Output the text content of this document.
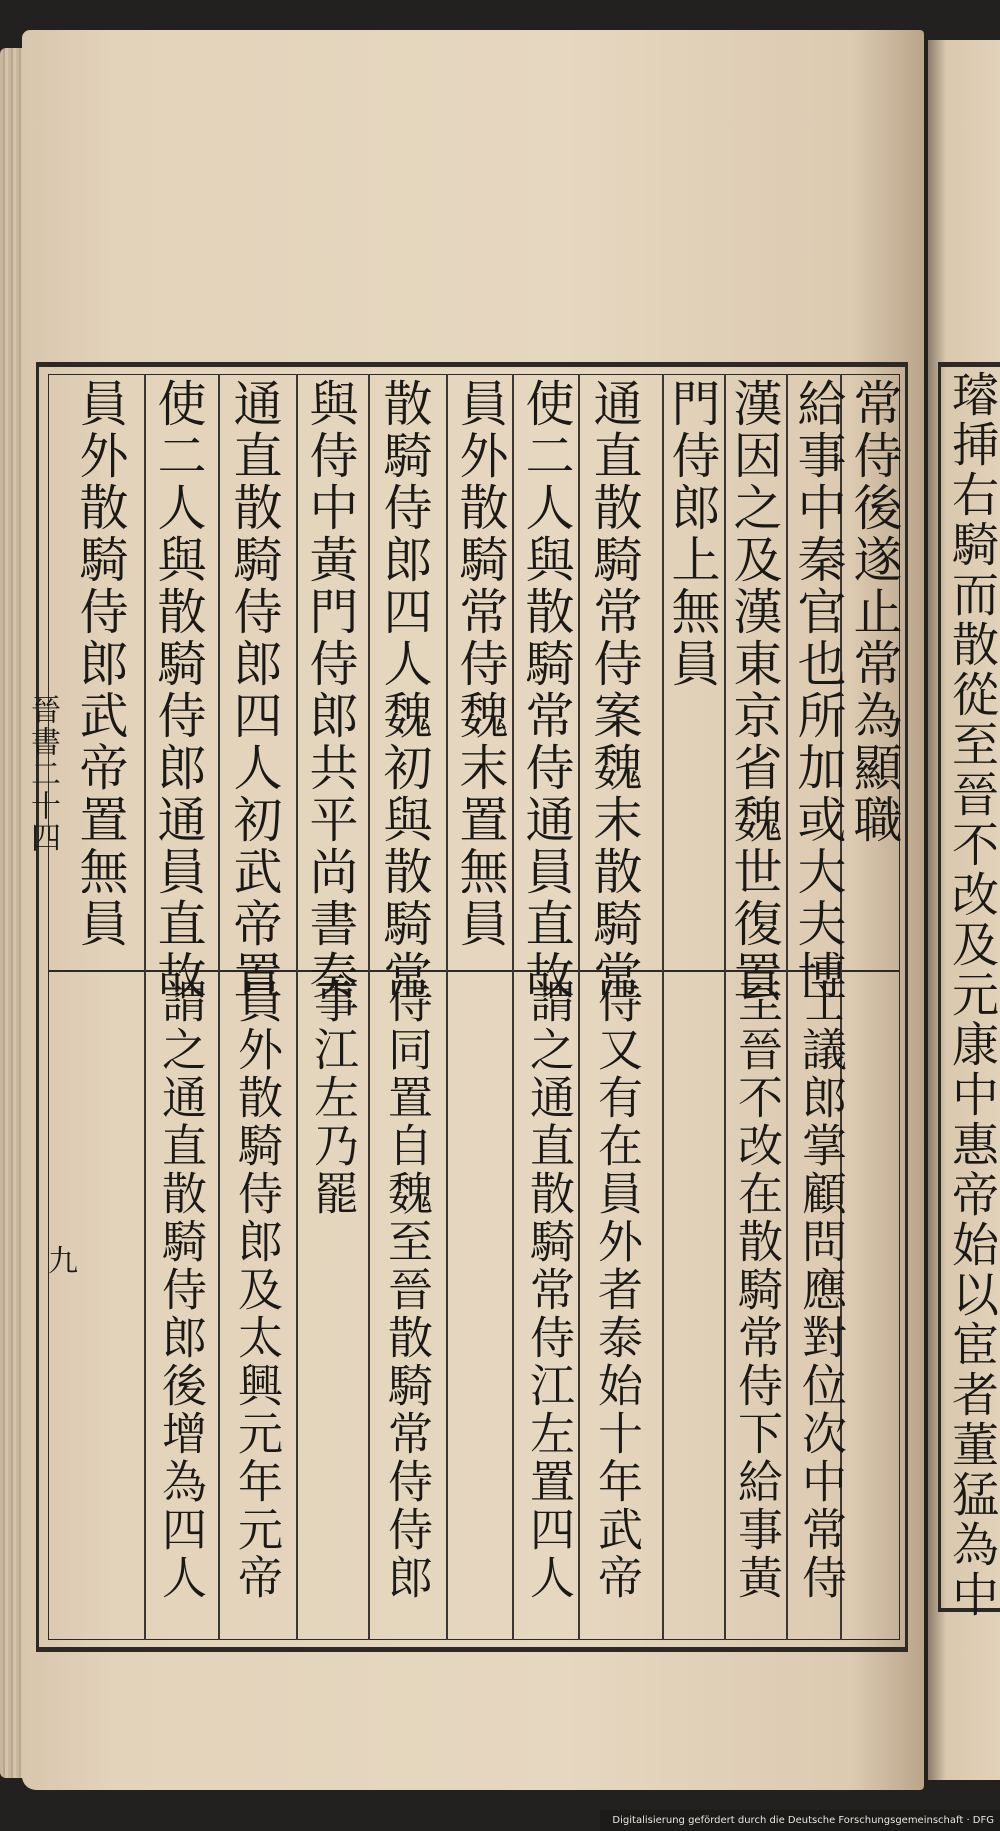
常侍後遂止常為顯職
給事中秦官也所加或大夫博
漢因之及漢東京省魏世復置
門侍郎上無員
通直散騎常侍案魏末散騎常
使二人與散騎常侍通員直故
員外散騎常侍魏末置無員
散騎侍郎四人魏初與散騎常
與侍中黃門侍郎共平尚書奏
通直散騎侍郎四人初武帝置
使二人與散騎侍郎通員直故
員外散騎侍郎武帝置無員
士議郎掌顧問應對位次中常侍
至晉不改在散騎常侍下給事黃
侍又有在員外者泰始十年武帝
謂之通直散騎常侍江左置四人
侍同置自魏至晉散騎常侍侍郎
事江左乃罷
員外散騎侍郎及太興元年元帝
謂之通直散騎侍郎後增為四人
晉書二十四
九	璿挿右騎而散從至晉不改及元康中惠帝始以宦者董猛為中
Digitalisierung gefördert durch die Deutsche Forschungsgemeinschaft · DFG
